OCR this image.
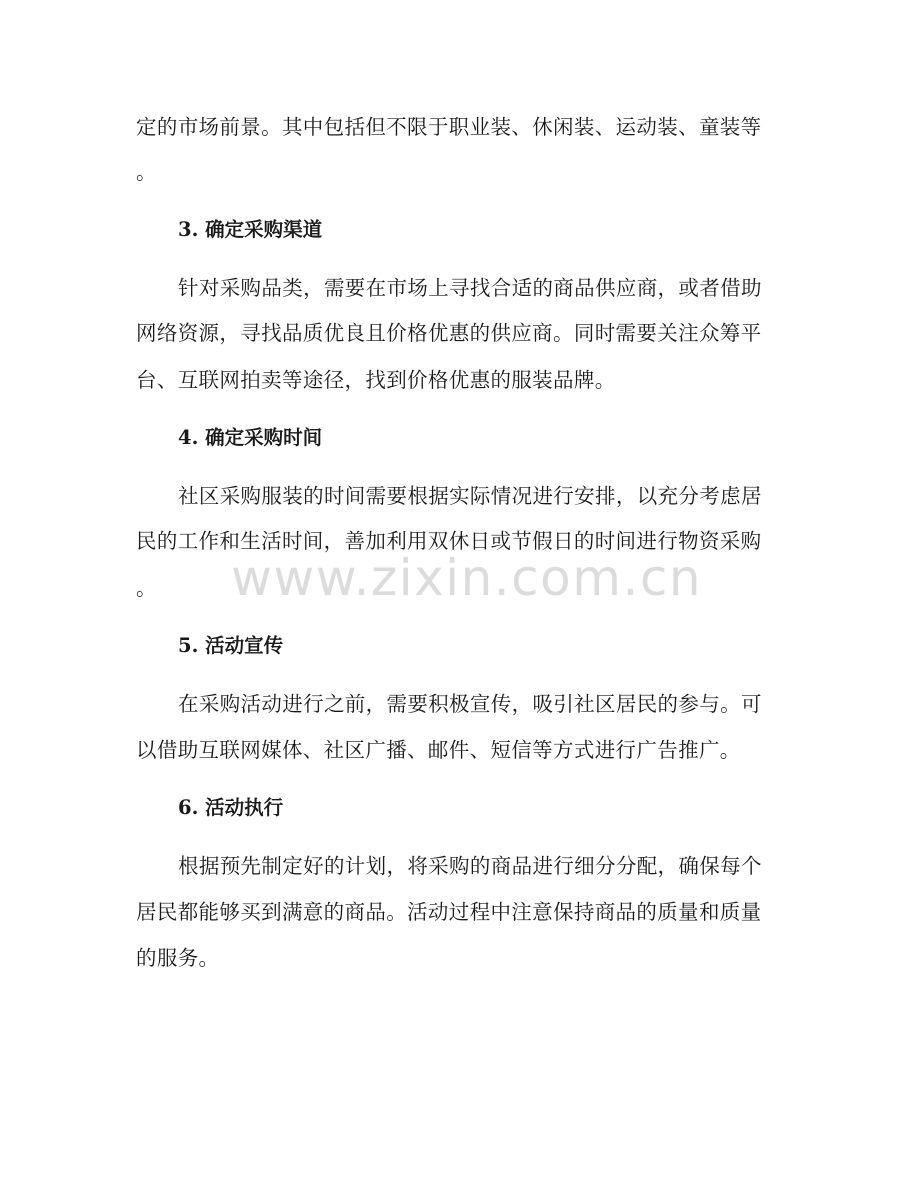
定的市场前景。其中包括但不限于职业装、休闲装、运动装、童装等
。
3. 确定采购渠道
针对采购品类，需要在市场上寻找合适的商品供应商，或者借助
网络资源，寻找品质优良且价格优惠的供应商。同时需要关注众筹平
台、互联网拍卖等途径，找到价格优惠的服装品牌。
4. 确定采购时间
社区采购服装的时间需要根据实际情况进行安排，以充分考虑居
民的工作和生活时间，善加利用双休日或节假日的时间进行物资采购
。
5. 活动宣传
在采购活动进行之前，需要积极宣传，吸引社区居民的参与。可
以借助互联网媒体、社区广播、邮件、短信等方式进行广告推广。
6. 活动执行
根据预先制定好的计划，将采购的商品进行细分分配，确保每个
居民都能够买到满意的商品。活动过程中注意保持商品的质量和质量
的服务。
www.zixin.com.cn
